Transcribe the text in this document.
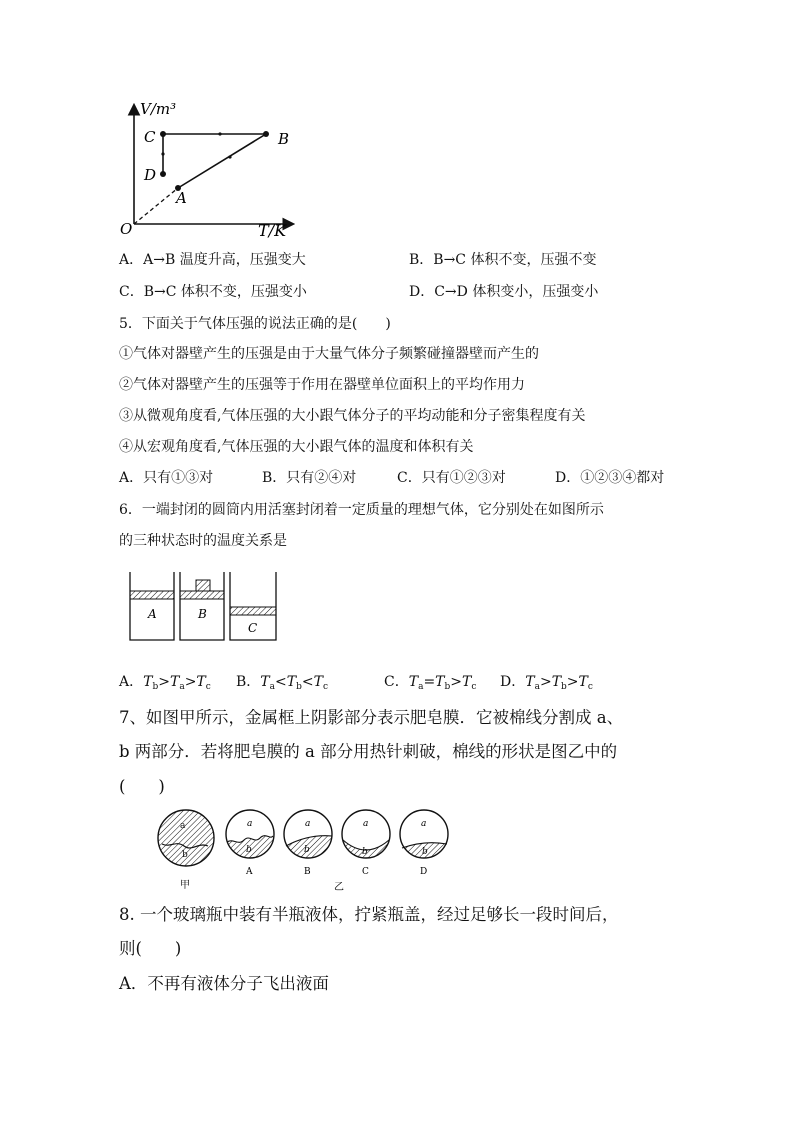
V/m³
T/K
O
A
B
C
D
A．A→B 温度升高，压强变大	B．B→C 体积不变，压强不变
C．B→C 体积不变，压强变小	D．C→D 体积变小，压强变小
5．下面关于气体压强的说法正确的是(　　)
①气体对器壁产生的压强是由于大量气体分子频繁碰撞器壁而产生的
②气体对器壁产生的压强等于作用在器壁单位面积上的平均作用力
③从微观角度看,气体压强的大小跟气体分子的平均动能和分子密集程度有关
④从宏观角度看,气体压强的大小跟气体的温度和体积有关
A．只有①③对	B．只有②④对	C．只有①②③对	D．①②③④都对
6．一端封闭的圆筒内用活塞封闭着一定质量的理想气体，它分别处在如图所示
的三种状态时的温度关系是
A	B
C
A．$T_b>T_a>T_c$ B．$T_a<T_b<T_c$	C．$T_a=T_b>T_c$ D．$T_a>T_b>T_c$
7、如图甲所示，金属框上阴影部分表示肥皂膜．它被棉线分割成 a、
b 两部分．若将肥皂膜的 a 部分用热针刺破，棉线的形状是图乙中的
(　　)
a
b
a
b
A
a
b
B
a
b
C
a
b
D
甲	乙
8. 一个玻璃瓶中装有半瓶液体，拧紧瓶盖，经过足够长一段时间后，
则(　　)
A．不再有液体分子飞出液面
